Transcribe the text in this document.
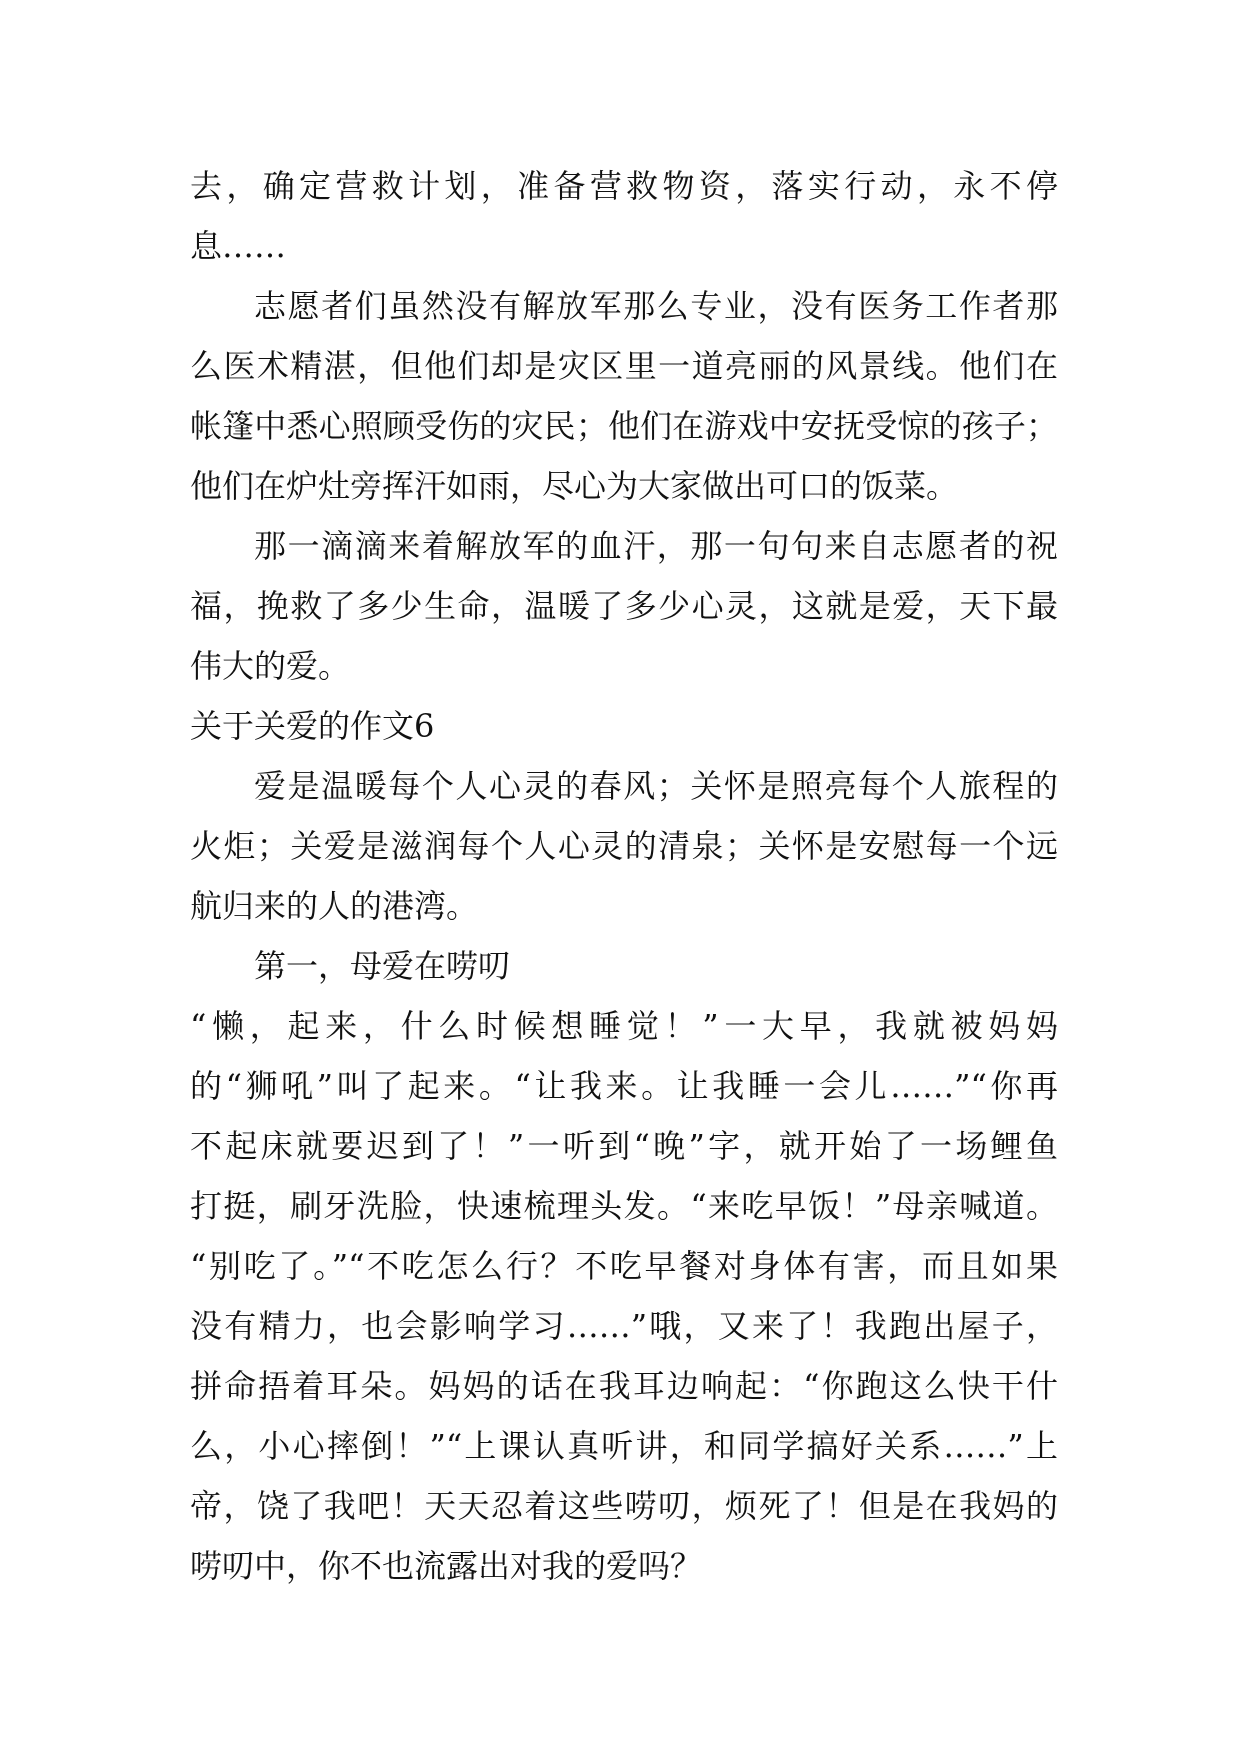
去，确定营救计划，准备营救物资，落实行动，永不停
息……
志愿者们虽然没有解放军那么专业，没有医务工作者那
么医术精湛，但他们却是灾区里一道亮丽的风景线。他们在
帐篷中悉心照顾受伤的灾民；他们在游戏中安抚受惊的孩子；
他们在炉灶旁挥汗如雨，尽心为大家做出可口的饭菜。
那一滴滴来着解放军的血汗，那一句句来自志愿者的祝
福，挽救了多少生命，温暖了多少心灵，这就是爱，天下最
伟大的爱。
关于关爱的作文6
爱是温暖每个人心灵的春风；关怀是照亮每个人旅程的
火炬；关爱是滋润每个人心灵的清泉；关怀是安慰每一个远
航归来的人的港湾。
第一，母爱在唠叨
“懒，起来，什么时候想睡觉！”一大早，我就被妈妈
的“狮吼”叫了起来。“让我来。让我睡一会儿……”“你再
不起床就要迟到了！”一听到“晚”字，就开始了一场鲤鱼
打挺，刷牙洗脸，快速梳理头发。“来吃早饭！”母亲喊道。
“别吃了。”“不吃怎么行？不吃早餐对身体有害，而且如果
没有精力，也会影响学习……”哦，又来了！我跑出屋子，
拼命捂着耳朵。妈妈的话在我耳边响起：“你跑这么快干什
么，小心摔倒！”“上课认真听讲，和同学搞好关系……”上
帝，饶了我吧！天天忍着这些唠叨，烦死了！但是在我妈的
唠叨中，你不也流露出对我的爱吗？
